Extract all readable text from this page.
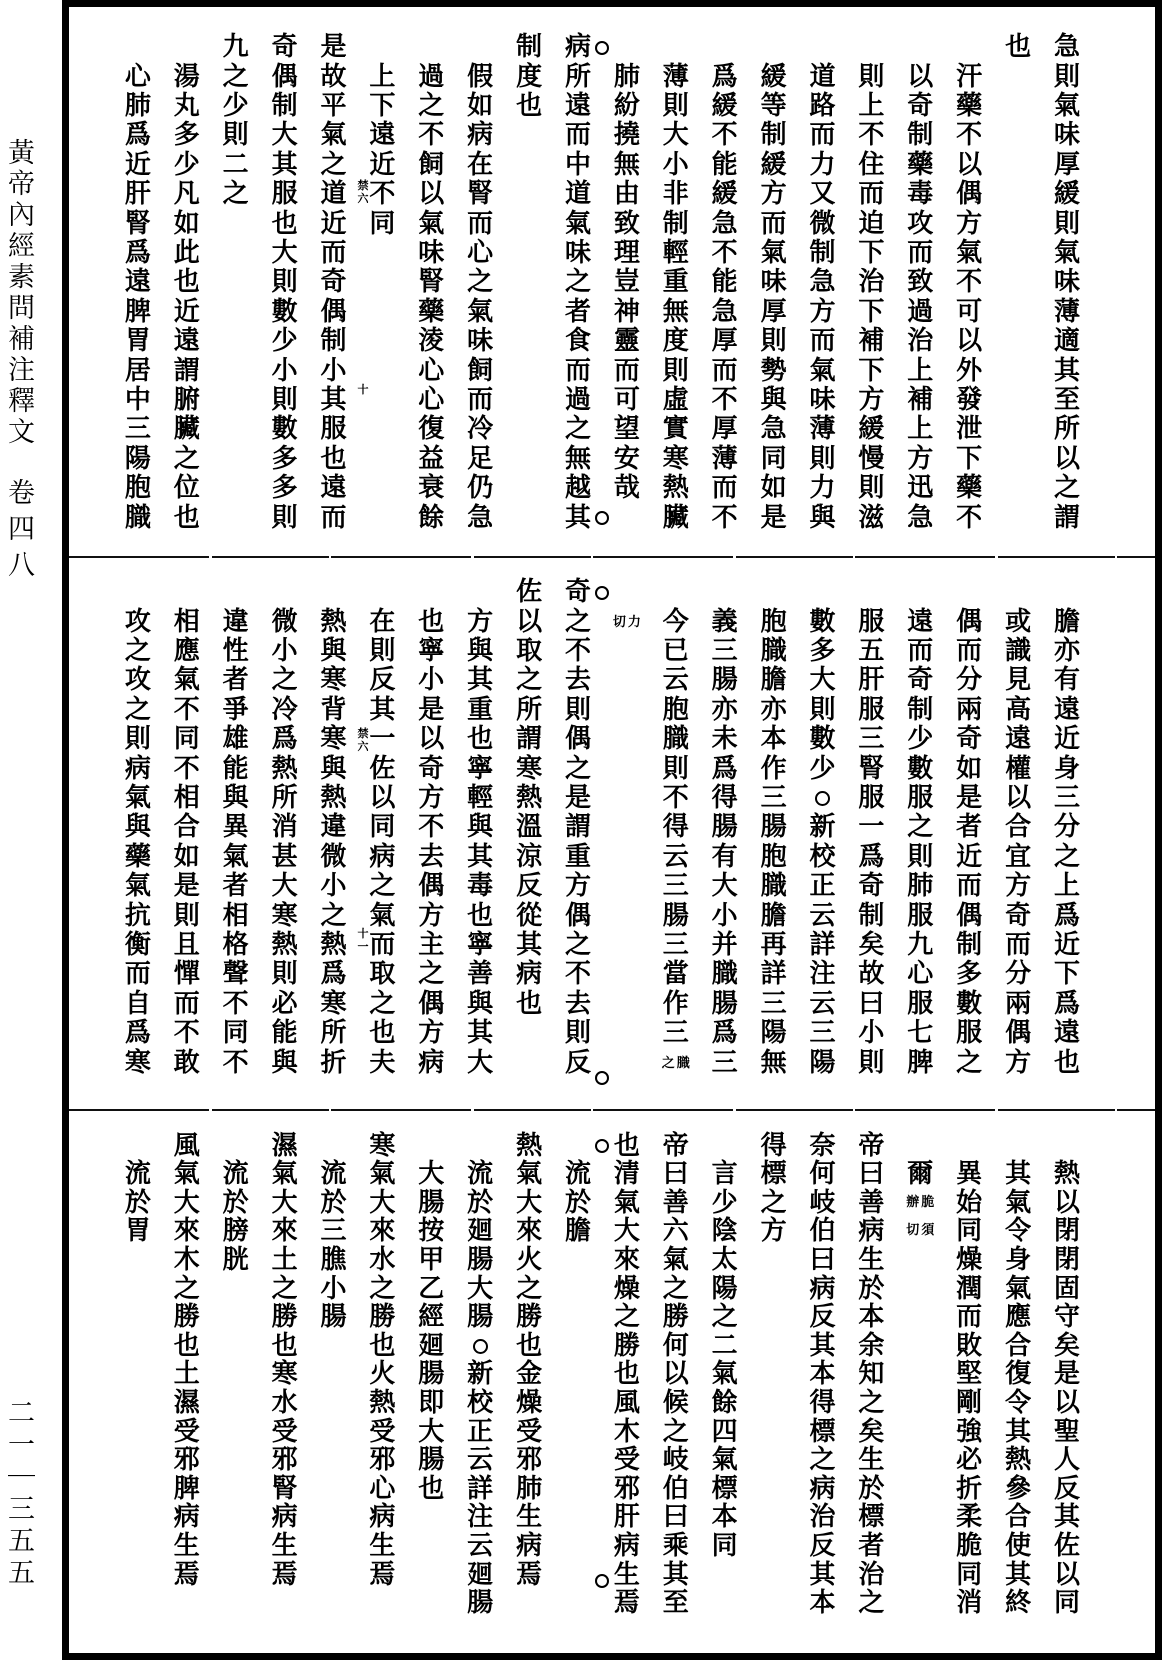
黃帝內經素問補注釋文
卷四八
二一｜三五五
急
則
氣
味
厚
緩
則
氣
味
薄
適
其
至
所
以
之
謂
也
汗
藥
不
以
偶
方
氣
不
可
以
外
發
泄
下
藥
不
以
奇
制
藥
毒
攻
而
致
過
治
上
補
上
方
迅
急
則
上
不
住
而
迫
下
治
下
補
下
方
緩
慢
則
滋
道
路
而
力
又
微
制
急
方
而
氣
味
薄
則
力
與
緩
等
制
緩
方
而
氣
味
厚
則
勢
與
急
同
如
是
爲
緩
不
能
緩
急
不
能
急
厚
而
不
厚
薄
而
不
薄
則
大
小
非
制
輕
重
無
度
則
虛
實
寒
熱
臟
肺
紛
撓
無
由
致
理
豈
神
靈
而
可
望
安
哉
病
所
遠
而
中
道
氣
味
之
者
食
而
過
之
無
越
其
制
度
也
假
如
病
在
腎
而
心
之
氣
味
飼
而
冷
足
仍
急
過
之
不
飼
以
氣
味
腎
藥
淩
心
心
復
益
衰
餘
上
下
遠
近
不
同
是
故
平
氣
之
道
近
而
奇
偶
制
小
其
服
也
遠
而
奇
偶
制
大
其
服
也
大
則
數
少
小
則
數
多
多
則
九
之
少
則
二
之
湯
丸
多
少
凡
如
此
也
近
遠
謂
腑
臟
之
位
也
心
肺
爲
近
肝
腎
爲
遠
脾
胃
居
中
三
陽
胞
膱
禁
六
十
膽
亦
有
遠
近
身
三
分
之
上
爲
近
下
爲
遠
也
或
識
見
高
遠
權
以
合
宜
方
奇
而
分
兩
偶
方
偶
而
分
兩
奇
如
是
者
近
而
偶
制
多
數
服
之
遠
而
奇
制
少
數
服
之
則
肺
服
九
心
服
七
脾
服
五
肝
服
三
腎
服
一
爲
奇
制
矣
故
曰
小
則
數
多
大
則
數
少
新
校
正
云
詳
注
云
三
陽
胞
膱
膽
亦
本
作
三
腸
胞
膱
膽
再
詳
三
陽
無
義
三
腸
亦
未
爲
得
腸
有
大
小
并
膱
腸
爲
三
今
已
云
胞
膱
則
不
得
云
三
腸
三
當
作
三
之 膱
切 力
奇
之
不
去
則
偶
之
是
謂
重
方
偶
之
不
去
則
反
佐
以
取
之
所
謂
寒
熱
溫
涼
反
從
其
病
也
方
與
其
重
也
寧
輕
與
其
毒
也
寧
善
與
其
大
也
寧
小
是
以
奇
方
不
去
偶
方
主
之
偶
方
病
在
則
反
其
一
佐
以
同
病
之
氣
而
取
之
也
夫
熱
與
寒
背
寒
與
熱
違
微
小
之
熱
爲
寒
所
折
微
小
之
冷
爲
熱
所
消
甚
大
寒
熱
則
必
能
與
違
性
者
爭
雄
能
與
異
氣
者
相
格
聲
不
同
不
相
應
氣
不
同
不
相
合
如
是
則
且
憚
而
不
敢
攻
之
攻
之
則
病
氣
與
藥
氣
抗
衡
而
自
爲
寒
禁
六
十
一
熱
以
閉
閉
固
守
矣
是
以
聖
人
反
其
佐
以
同
其
氣
令
身
氣
應
合
復
令
其
熱
參
合
使
其
終
異
始
同
燥
潤
而
敗
堅
剛
強
必
折
柔
脆
同
消
爾
辦 脆
切 須
帝
曰
善
病
生
於
本
余
知
之
矣
生
於
標
者
治
之
奈
何
岐
伯
曰
病
反
其
本
得
標
之
病
治
反
其
本
得
標
之
方
言
少
陰
太
陽
之
二
氣
餘
四
氣
標
本
同
帝
曰
善
六
氣
之
勝
何
以
候
之
岐
伯
曰
乘
其
至
也
清
氣
大
來
燥
之
勝
也
風
木
受
邪
肝
病
生
焉
流
於
膽
熱
氣
大
來
火
之
勝
也
金
燥
受
邪
肺
生
病
焉
流
於
廻
腸
大
腸
新
校
正
云
詳
注
云
廻
腸
大
腸
按
甲
乙
經
廻
腸
即
大
腸
也
寒
氣
大
來
水
之
勝
也
火
熱
受
邪
心
病
生
焉
流
於
三
膲
小
腸
濕
氣
大
來
土
之
勝
也
寒
水
受
邪
腎
病
生
焉
流
於
膀
胱
風
氣
大
來
木
之
勝
也
土
濕
受
邪
脾
病
生
焉
流
於
胃
